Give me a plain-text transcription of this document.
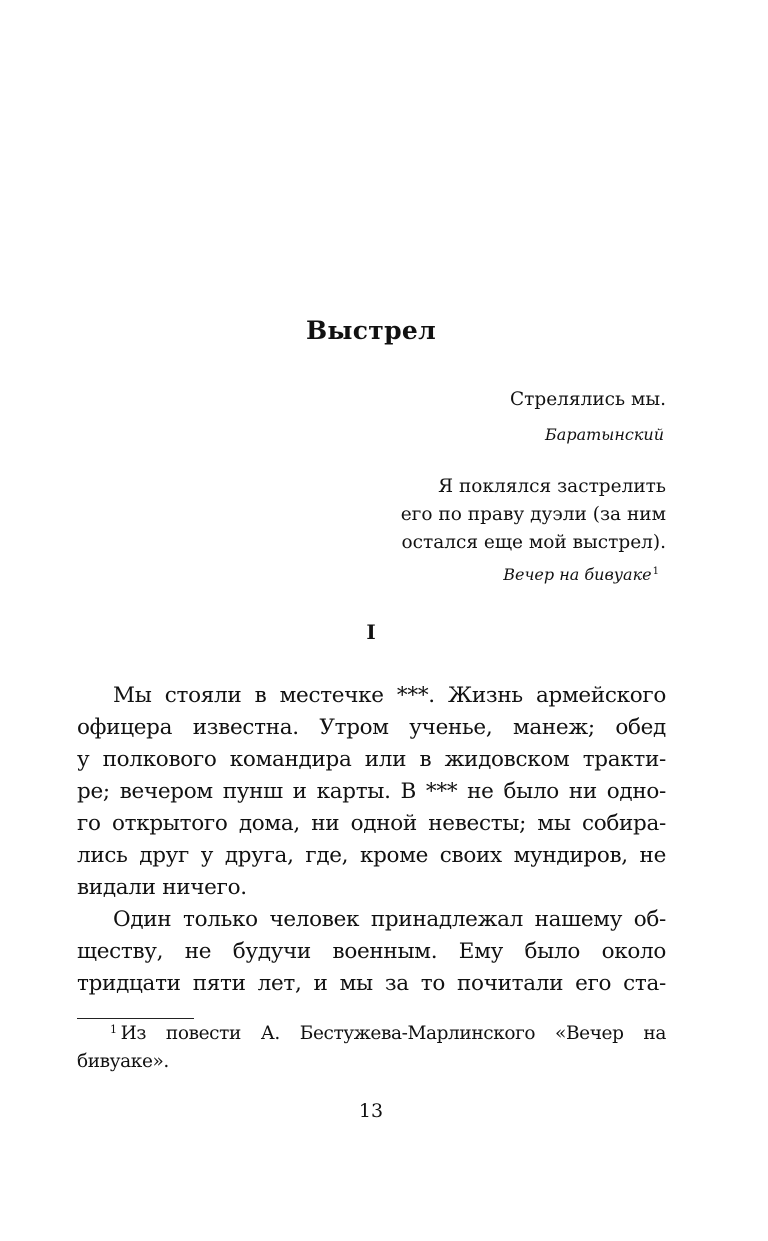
Выстрел
Стрелялись мы.
Баратынский
Я поклялся застрелить
его по праву дуэли (за ним
остался еще мой выстрел).
Вечер на бивуаке$^1$
I
Мы стояли в местечке ***. Жизнь армейского
офицера известна. Утром ученье, манеж; обед
у полкового командира или в жидовском тракти-
ре; вечером пунш и карты. В *** не было ни одно-
го открытого дома, ни одной невесты; мы собира-
лись друг у друга, где, кроме своих мундиров, не
видали ничего.
Один только человек принадлежал нашему об-
ществу, не будучи военным. Ему было около
тридцати пяти лет, и мы за то почитали его ста-
$^1$ Из повести А. Бестужева-Марлинского «Вечер на
бивуаке».
13
